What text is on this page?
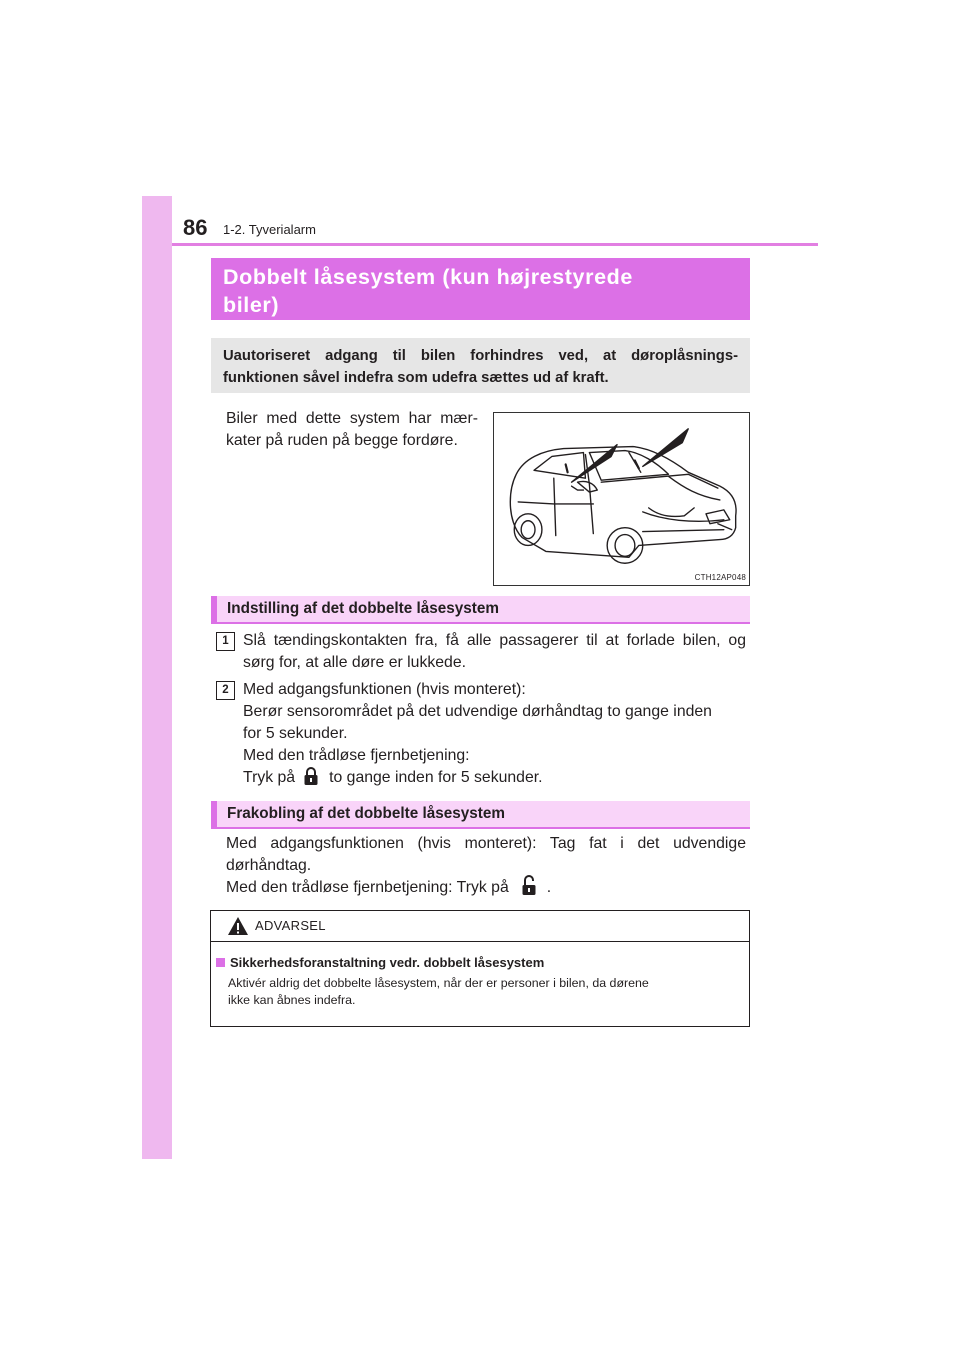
86 1-2. Tyverialarm
Dobbelt låsesystem (kun højrestyrede
biler)
Uautoriseret adgang til bilen forhindres ved, at døroplåsnings-
funktionen såvel indefra som udefra sættes ud af kraft.
Biler med dette system har mær-
kater på ruden på begge fordøre.
CTH12AP048
Indstilling af det dobbelte låsesystem
1 Slå tændingskontakten fra, få alle passagerer til at forlade bilen, og
sørg for, at alle døre er lukkede.
2 Med adgangsfunktionen (hvis monteret):
Berør sensorområdet på det udvendige dørhåndtag to gange inden
for 5 sekunder.
Med den trådløse fjernbetjening:
Tryk på to gange inden for 5 sekunder.
Frakobling af det dobbelte låsesystem
Med adgangsfunktionen (hvis monteret): Tag fat i det udvendige
dørhåndtag.
Med den trådløse fjernbetjening: Tryk på .
ADVARSEL
Sikkerhedsforanstaltning vedr. dobbelt låsesystem
Aktivér aldrig det dobbelte låsesystem, når der er personer i bilen, da dørene
ikke kan åbnes indefra.
